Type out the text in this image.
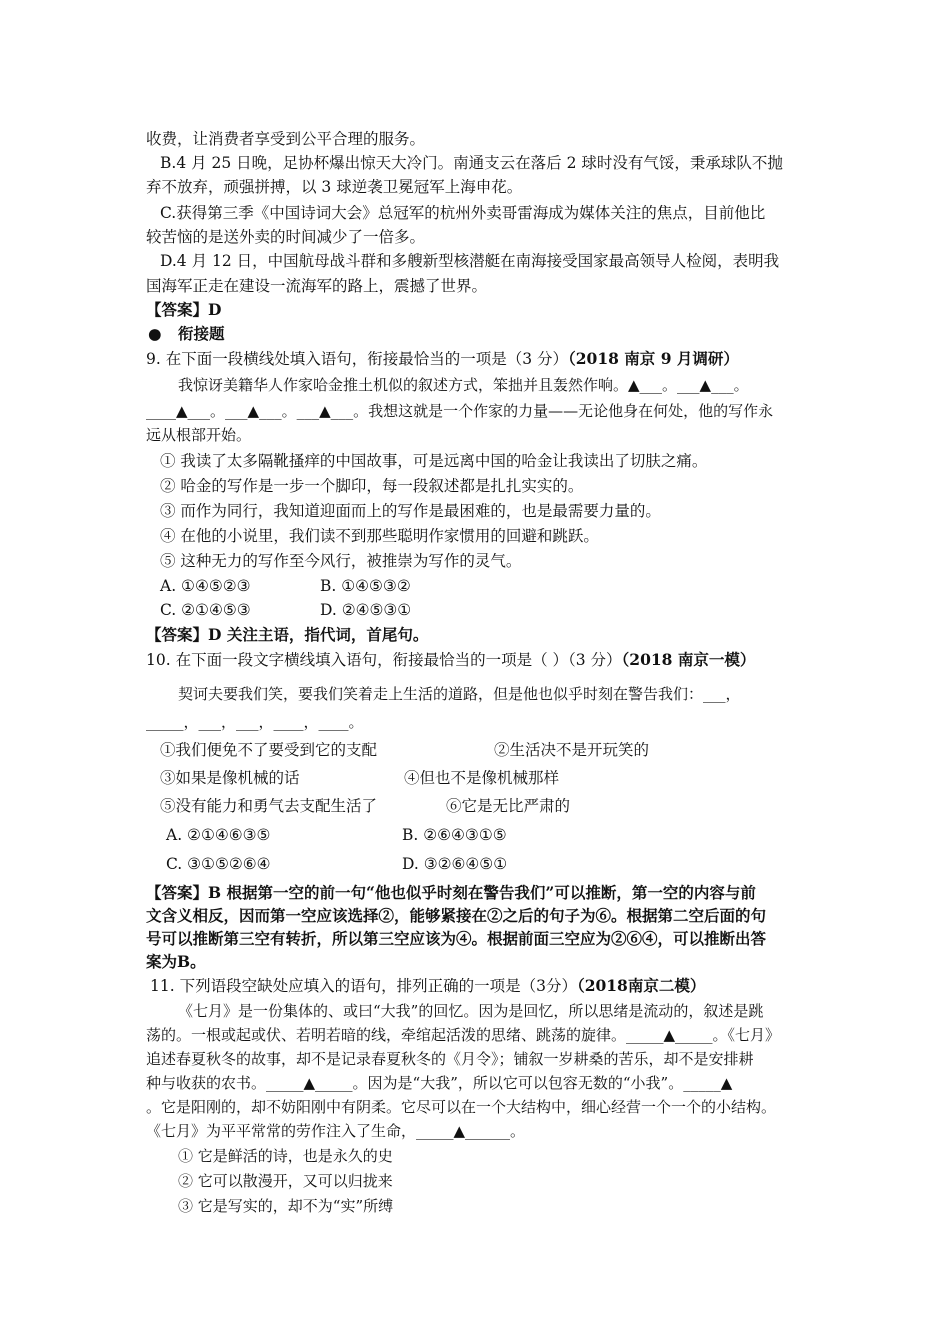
收费，让消费者享受到公平合理的服务。
B.4 月 25 日晚，足协杯爆出惊天大冷门。南通支云在落后 2 球时没有气馁，秉承球队不抛
弃不放弃，顽强拼搏，以 3 球逆袭卫冕冠军上海申花。
C.获得第三季《中国诗词大会》总冠军的杭州外卖哥雷海成为媒体关注的焦点，目前他比
较苦恼的是送外卖的时间减少了一倍多。
D.4 月 12 日，中国航母战斗群和多艘新型核潜艇在南海接受国家最高领导人检阅，表明我
国海军正走在建设一流海军的路上，震撼了世界。
【答案】D
● 衔接题
9. 在下面一段横线处填入语句，衔接最恰当的一项是（3 分）（2018 南京 9 月调研）
我惊讶美籍华人作家哈金推土机似的叙述方式，笨拙并且轰然作响。▲___。___▲___。
____▲___。___▲___。___▲___。我想这就是一个作家的力量——无论他身在何处，他的写作永
远从根部开始。
① 我读了太多隔靴搔痒的中国故事，可是远离中国的哈金让我读出了切肤之痛。
② 哈金的写作是一步一个脚印，每一段叙述都是扎扎实实的。
③ 而作为同行，我知道迎面而上的写作是最困难的，也是最需要力量的。
④ 在他的小说里，我们读不到那些聪明作家惯用的回避和跳跃。
⑤ 这种无力的写作至今风行，被推崇为写作的灵气。
A. ①④⑤②③	B. ①④⑤③②
C. ②①④⑤③	D. ②④⑤③①
【答案】D 关注主语，指代词，首尾句。
10. 在下面一段文字横线填入语句，衔接最恰当的一项是（ ）（3 分）（2018 南京一模）
契诃夫要我们笑，要我们笑着走上生活的道路，但是他也似乎时刻在警告我们：___，
_____，___，___，____，____。
①我们便免不了要受到它的支配	②生活决不是开玩笑的
③如果是像机械的话	④但也不是像机械那样
⑤没有能力和勇气去支配生活了	⑥它是无比严肃的
A. ②①④⑥③⑤	B. ②⑥④③①⑤
C. ③①⑤②⑥④	D. ③②⑥④⑤①
【答案】B 根据第一空的前一句“他也似乎时刻在警告我们”可以推断，第一空的内容与前
文含义相反，因而第一空应该选择②，能够紧接在②之后的句子为⑥。根据第二空后面的句
号可以推断第三空有转折，所以第三空应该为④。根据前面三空应为②⑥④，可以推断出答
案为B。
11. 下列语段空缺处应填入的语句，排列正确的一项是（3分）（2018南京二模）
《七月》是一份集体的、或曰“大我”的回忆。因为是回忆，所以思绪是流动的，叙述是跳
荡的。一根或起或伏、若明若暗的线，牵绾起活泼的思绪、跳荡的旋律。_____▲_____。《七月》
追述春夏秋冬的故事，却不是记录春夏秋冬的《月令》；铺叙一岁耕桑的苦乐，却不是安排耕
种与收获的农书。_____▲_____。因为是“大我”，所以它可以包容无数的“小我”。_____▲
。它是阳刚的，却不妨阳刚中有阴柔。它尽可以在一个大结构中，细心经营一个一个的小结构。
《七月》为平平常常的劳作注入了生命，_____▲______。
① 它是鲜活的诗，也是永久的史
② 它可以散漫开，又可以归拢来
③ 它是写实的，却不为“实”所缚
